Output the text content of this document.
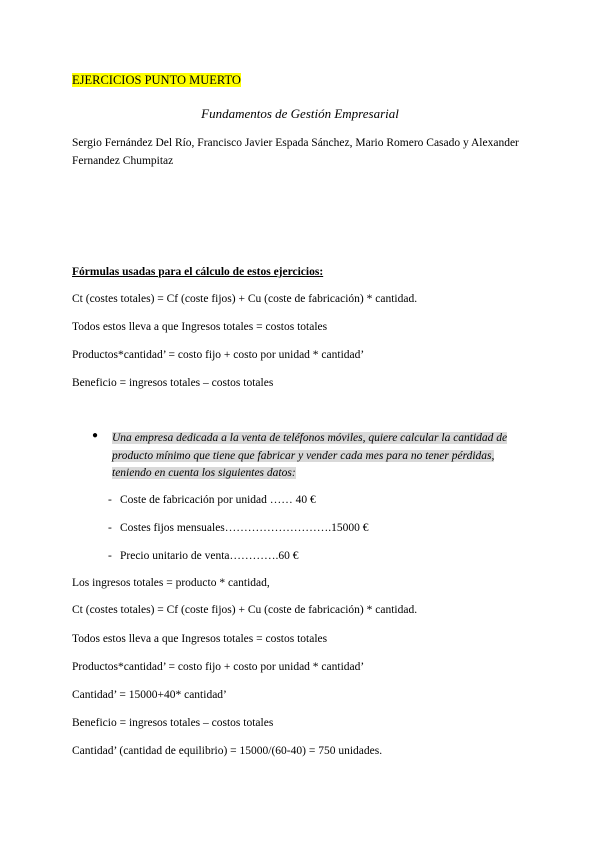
EJERCICIOS PUNTO MUERTO
Fundamentos de Gestión Empresarial
Sergio Fernández Del Río, Francisco Javier Espada Sánchez, Mario Romero Casado y Alexander Fernandez Chumpitaz
Fórmulas usadas para el cálculo de estos ejercicios:
Ct (costes totales) = Cf (coste fijos) + Cu (coste de fabricación) * cantidad.
Todos estos lleva a que Ingresos totales = costos totales
Productos*cantidad’ = costo fijo + costo por unidad * cantidad’
Beneficio = ingresos totales – costos totales
● Una empresa dedicada a la venta de teléfonos móviles, quiere calcular la cantidad de producto mínimo que tiene que fabricar y vender cada mes para no tener pérdidas, teniendo en cuenta los siguientes datos:
- Coste de fabricación por unidad …… 40 €
- Costes fijos mensuales……………………….15000 €
- Precio unitario de venta………….60 €
Los ingresos totales = producto * cantidad,
Ct (costes totales) = Cf (coste fijos) + Cu (coste de fabricación) * cantidad.
Todos estos lleva a que Ingresos totales = costos totales
Productos*cantidad’ = costo fijo + costo por unidad * cantidad’
Cantidad’ = 15000+40* cantidad’
Beneficio = ingresos totales – costos totales
Cantidad’ (cantidad de equilibrio) = 15000/(60-40) = 750 unidades.
